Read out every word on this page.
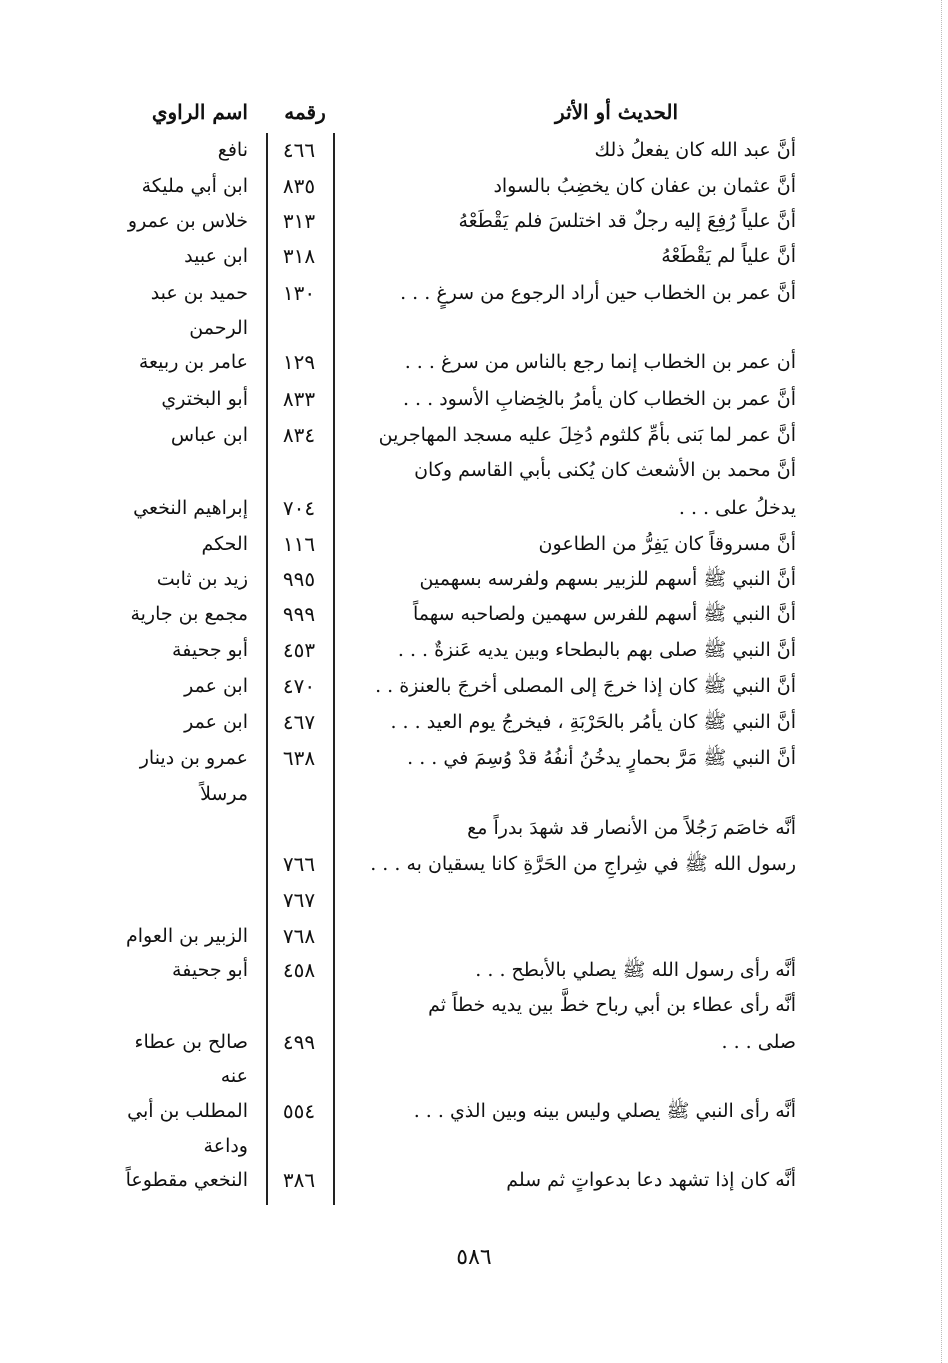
الحديث أو الأثر
رقمه
اسم الراوي
أنَّ عبد الله كان يفعلُ ذلك
٤٦٦
نافع
أنَّ عثمان بن عفان كان يخضِبُ بالسواد
٨٣٥
ابن أبي مليكة
أنَّ علياً رُفِعَ إليه رجلٌ قد اختلسَ فلم يَقْطَعْهُ
٣١٣
خلاس بن عمرو
أنَّ علياً لم يَقْطَعْهُ
٣١٨
ابن عبيد
أنَّ عمر بن الخطاب حين أراد الرجوع من سرغٍ . . .
١٣٠
حميد بن عبد
الرحمن
أن عمر بن الخطاب إنما رجع بالناس من سرغ . . .
١٢٩
عامر بن ربيعة
أنَّ عمر بن الخطاب كان يأمرُ بالخِضابِ الأسود . . .
٨٣٣
أبو البختري
أنَّ عمر لما بَنى بأمِّ كلثوم دُخِلَ عليه مسجد المهاجرين
٨٣٤
ابن عباس
أنَّ محمد بن الأشعث كان يُكنى بأبي القاسم وكان
يدخلُ على . . .
٧٠٤
إبراهيم النخعي
أنَّ مسروقاً كان يَفِرُّ من الطاعون
١١٦
الحكم
أنَّ النبي ﷺ أسهم للزبير بسهم ولفرسه بسهمين
٩٩٥
زيد بن ثابت
أنَّ النبي ﷺ أسهم للفرس سهمين ولصاحبه سهماً
٩٩٩
مجمع بن جارية
أنَّ النبي ﷺ صلى بهم بالبطحاء وبين يديه عَنزةٌ . . .
٤٥٣
أبو جحيفة
أنَّ النبي ﷺ كان إذا خرجَ إلى المصلى أخرجَ بالعنزة . .
٤٧٠
ابن عمر
أنَّ النبي ﷺ كان يأمُر بالحَرْبَةِ ، فيخرجُ يوم العيد . . .
٤٦٧
ابن عمر
أنَّ النبي ﷺ مَرَّ بحمارٍ يدخُنُ أنفُهُ قدْ وُسِمَ في . . .
٦٣٨
عمرو بن دينار
مرسلاً
أنَّه خاصَم رَجُلاً من الأنصار قد شهدَ بدراً مع
رسول الله ﷺ في شِراجِ من الحَرَّةِ كانا يسقيان به . . .
٧٦٦
٧٦٧
٧٦٨
الزبير بن العوام
أنَّه رأى رسول الله ﷺ يصلي بالأبطح . . .
٤٥٨
أبو جحيفة
أنَّه رأى عطاء بن أبي رباح خطَّ بين يديه خطاً ثم
صلى . . .
٤٩٩
صالح بن عطاء
عنه
أنَّه رأى النبي ﷺ يصلي وليس بينه وبين الذي . . .
٥٥٤
المطلب بن أبي
وداعة
أنَّه كان إذا تشهد دعا بدعواتٍ ثم سلم
٣٨٦
النخعي مقطوعاً
٥٨٦
